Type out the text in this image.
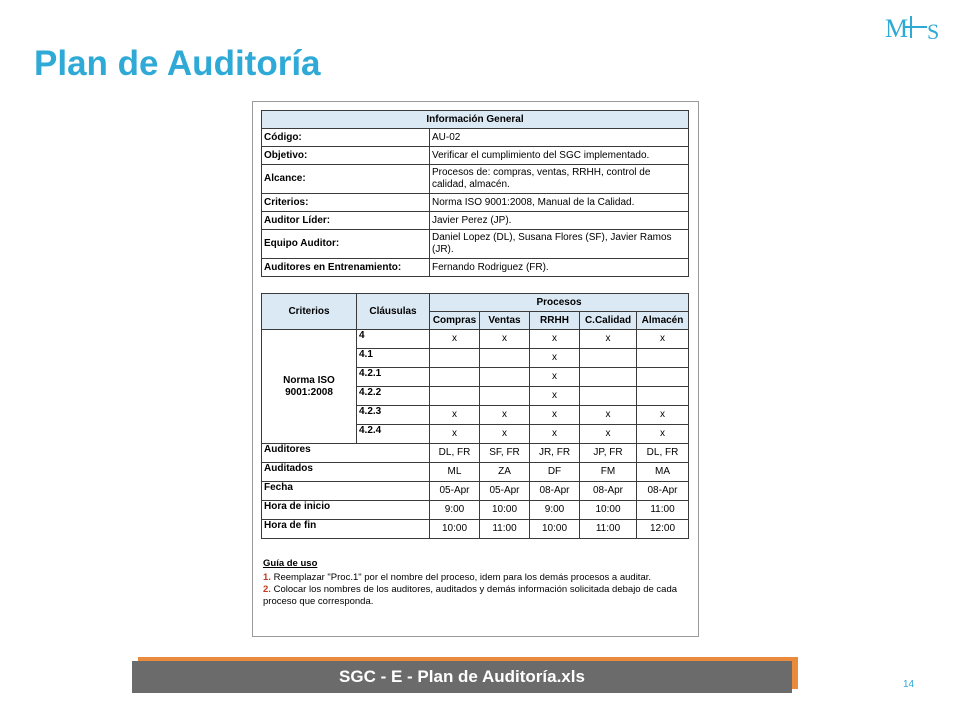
Plan de Auditoría
M S
Información General	
Código:	AU-02
Objetivo:	Verificar el cumplimiento del SGC implementado.
Alcance:	Procesos de: compras, ventas, RRHH, control de calidad, almacén.
Criterios:	Norma ISO 9001:2008, Manual de la Calidad.
Auditor Líder:	Javier Perez (JP).
Equipo Auditor:	Daniel Lopez (DL), Susana Flores (SF), Javier Ramos (JR).
Auditores en Entrenamiento:	Fernando Rodriguez (FR).
Criterios	Cláusulas	Procesos				
		Compras	Ventas	RRHH	C.Calidad	Almacén
Norma ISO 9001:2008	4	x	x	x	x	x
	4.1			x		
	4.2.1			x		
	4.2.2			x		
	4.2.3	x	x	x	x	x
	4.2.4	x	x	x	x	x
Auditores		DL, FR	SF, FR	JR, FR	JP, FR	DL, FR
Auditados		ML	ZA	DF	FM	MA
Fecha		05-Apr	05-Apr	08-Apr	08-Apr	08-Apr
Hora de inicio		9:00	10:00	9:00	10:00	11:00
Hora de fin		10:00	11:00	10:00	11:00	12:00
Guía de uso
1. Reemplazar "Proc.1" por el nombre del proceso, idem para los demás procesos a auditar.
2. Colocar los nombres de los auditores, auditados y demás información solicitada debajo de cada proceso que corresponda.
SGC - E - Plan de Auditoría.xls	14
